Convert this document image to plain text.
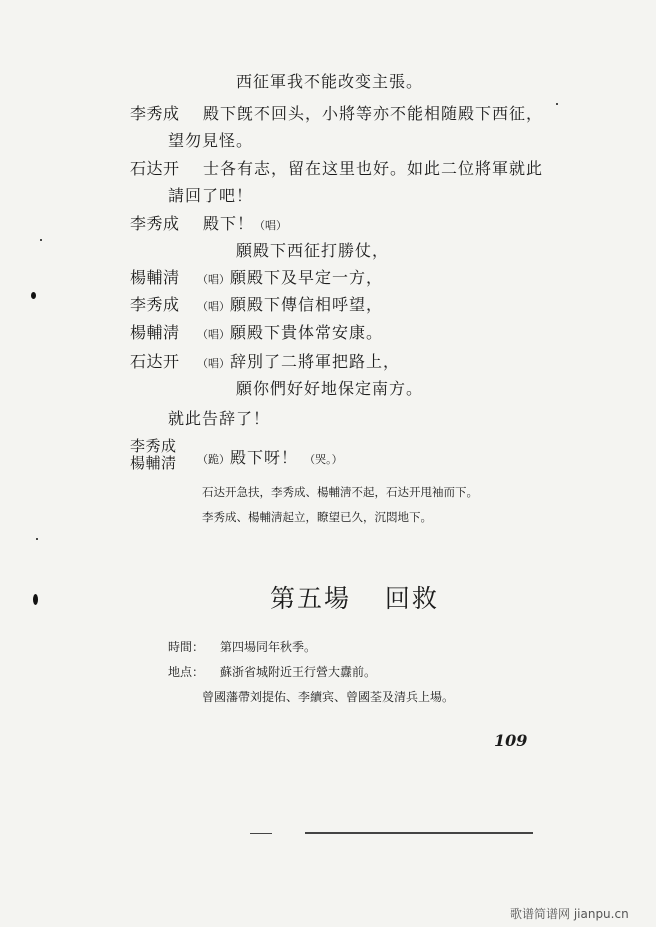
西征軍我不能改变主張。
李秀成 殿下旣不回头，小將等亦不能相随殿下西征，
望勿見怪。
石达开 士各有志，留在这里也好。如此二位將軍就此
請回了吧！
李秀成 殿下！（唱）
願殿下西征打勝仗，
楊輔淸 （唱）願殿下及早定一方，
李秀成 （唱）願殿下傳信相呼望，
楊輔淸 （唱）願殿下貴体常安康。
石达开 （唱）辞別了二將軍把路上，
願你們好好地保定南方。
就此告辞了！
李秀成
楊輔淸 （跪）殿下呀！ （哭。）
石达开急扶，李秀成、楊輔淸不起，石达开甩袖而下。
李秀成、楊輔淸起立，瞭望已久，沉悶地下。
第五場 回救
時間： 第四場同年秋季。
地点： 蘇浙省城附近王行營大纛前。
曾國藩帶刘提佑、李續宾、曾國荃及清兵上場。
109
歌谱简谱网 jianpu.cn
